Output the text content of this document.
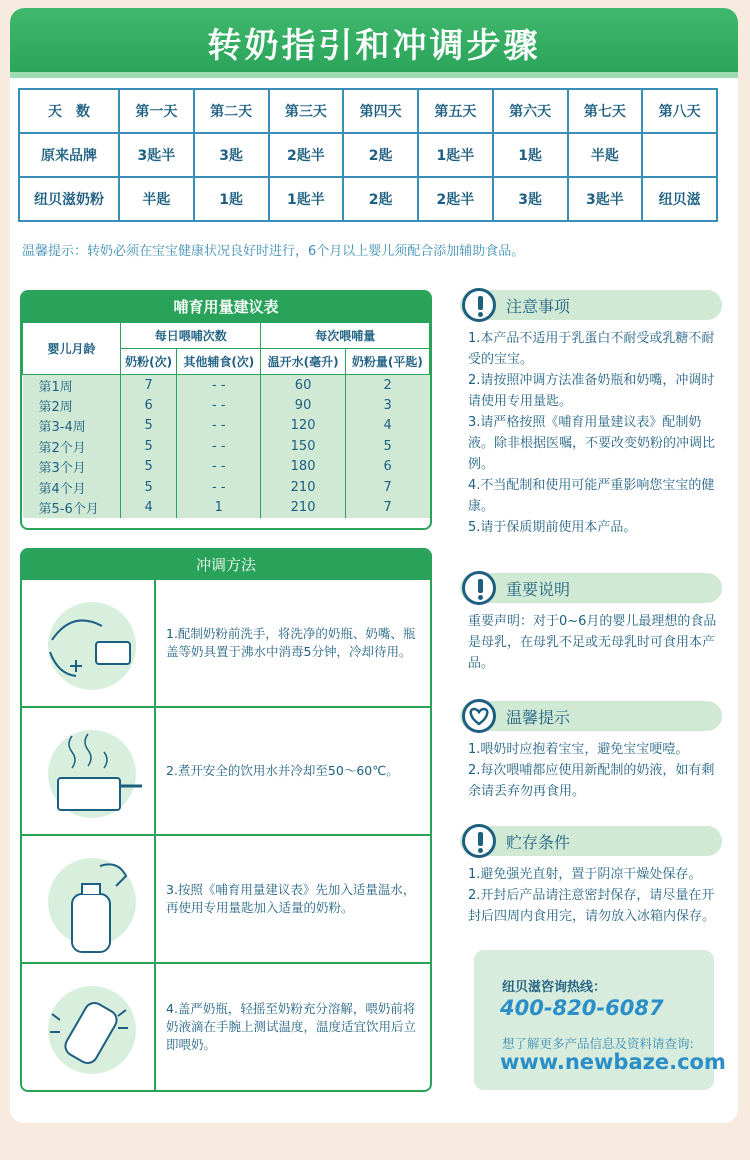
转奶指引和冲调步骤
天　数	第一天	第二天	第三天	第四天	第五天	第六天	第七天	第八天
原来品牌	3匙半	3匙	2匙半	2匙	1匙半	1匙	半匙	
纽贝滋奶粉	半匙	1匙	1匙半	2匙	2匙半	3匙	3匙半	纽贝滋
温馨提示：转奶必须在宝宝健康状况良好时进行，6个月以上婴儿须配合添加辅助食品。
哺育用量建议表
婴儿月龄	每日喂哺次数		每次喂哺量	
	奶粉(次)	其他辅食(次)	温开水(毫升)	奶粉量(平匙)
第1周	7	- -	60	2
第2周	6	- -	90	3
第3-4周	5	- -	120	4
第2个月	5	- -	150	5
第3个月	5	- -	180	6
第4个月	5	- -	210	7
第5-6个月	4	1	210	7
冲调方法
1.配制奶粉前洗手，将洗净的奶瓶、奶嘴、瓶盖等奶具置于沸水中消毒5分钟，冷却待用。
2.煮开安全的饮用水并冷却至50～60℃。
3.按照《哺育用量建议表》先加入适量温水，再使用专用量匙加入适量的奶粉。
4.盖严奶瓶，轻摇至奶粉充分溶解，喂奶前将奶液滴在手腕上测试温度，温度适宜饮用后立即喂奶。
注意事项

1.本产品不适用于乳蛋白不耐受或乳糖不耐受的宝宝。

2.请按照冲调方法准备奶瓶和奶嘴，冲调时请使用专用量匙。

3.请严格按照《哺育用量建议表》配制奶液。除非根据医嘱，不要改变奶粉的冲调比例。

4.不当配制和使用可能严重影响您宝宝的健康。

5.请于保质期前使用本产品。

重要说明

重要声明：对于0~6月的婴儿最理想的食品是母乳，在母乳不足或无母乳时可食用本产品。

温馨提示

1.喂奶时应抱着宝宝，避免宝宝哽噎。

2.每次喂哺都应使用新配制的奶液，如有剩余请丢弃勿再食用。

贮存条件

1.避免强光直射，置于阴凉干燥处保存。

2.开封后产品请注意密封保存，请尽量在开封后四周内食用完，请勿放入冰箱内保存。

纽贝滋咨询热线：
400-820-6087
想了解更多产品信息及资料请查询:
www.newbaze.com
